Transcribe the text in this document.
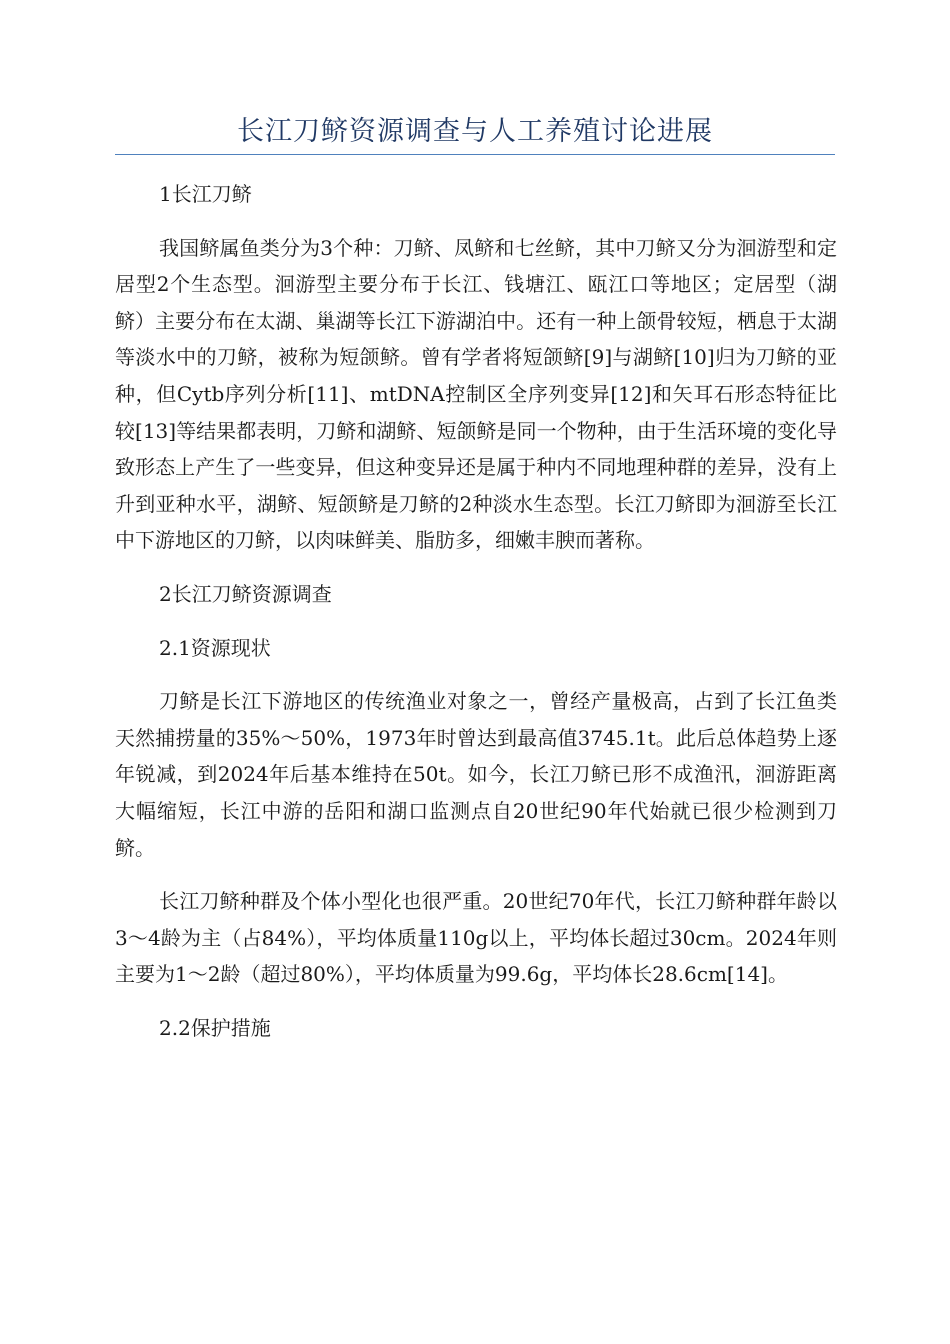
长江刀鲚资源调查与人工养殖讨论进展

1长江刀鲚

我国鲚属鱼类分为3个种：刀鲚、凤鲚和七丝鲚，其中刀鲚又分为洄游型和定居型2个生态型。洄游型主要分布于长江、钱塘江、瓯江口等地区；定居型（湖鲚）主要分布在太湖、巢湖等长江下游湖泊中。还有一种上颌骨较短，栖息于太湖等淡水中的刀鲚，被称为短颌鲚。曾有学者将短颌鲚[9]与湖鲚[10]归为刀鲚的亚种，但Cytb序列分析[11]、mtDNA控制区全序列变异[12]和矢耳石形态特征比较[13]等结果都表明，刀鲚和湖鲚、短颌鲚是同一个物种，由于生活环境的变化导致形态上产生了一些变异，但这种变异还是属于种内不同地理种群的差异，没有上升到亚种水平，湖鲚、短颌鲚是刀鲚的2种淡水生态型。长江刀鲚即为洄游至长江中下游地区的刀鲚，以肉味鲜美、脂肪多，细嫩丰腴而著称。

2长江刀鲚资源调查

2.1资源现状

刀鲚是长江下游地区的传统渔业对象之一，曾经产量极高，占到了长江鱼类天然捕捞量的35%～50%，1973年时曾达到最高值3745.1t。此后总体趋势上逐年锐减，到2024年后基本维持在50t。如今，长江刀鲚已形不成渔汛，洄游距离大幅缩短，长江中游的岳阳和湖口监测点自20世纪90年代始就已很少检测到刀鲚。

长江刀鲚种群及个体小型化也很严重。20世纪70年代，长江刀鲚种群年龄以3～4龄为主（占84%），平均体质量110g以上，平均体长超过30cm。2024年则主要为1～2龄（超过80%），平均体质量为99.6g，平均体长28.6cm[14]。

2.2保护措施
